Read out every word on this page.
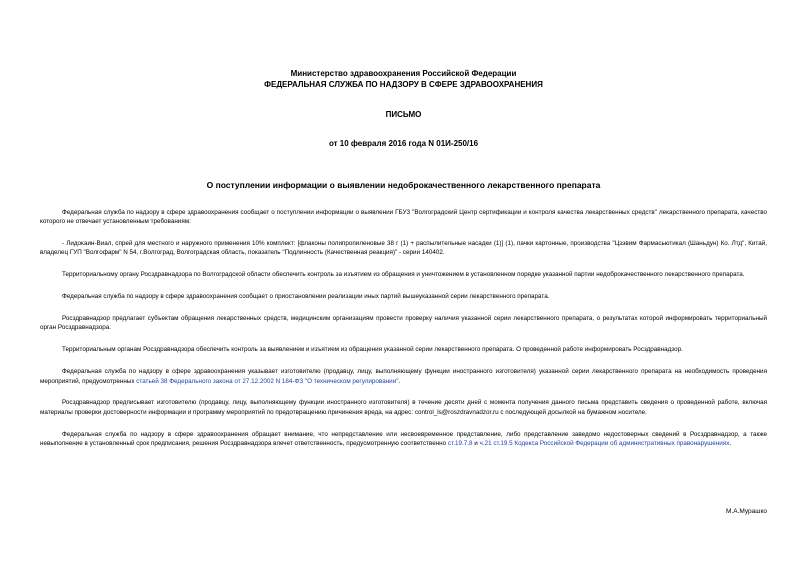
Министерство здравоохранения Российской Федерации
ФЕДЕРАЛЬНАЯ СЛУЖБА ПО НАДЗОРУ В СФЕРЕ ЗДРАВООХРАНЕНИЯ
ПИСЬМО
от 10 февраля 2016 года N 01И-250/16
О поступлении информации о выявлении недоброкачественного лекарственного препарата

Федеральная служба по надзору в сфере здравоохранения сообщает о поступлении информации о выявлении ГБУЗ "Волгоградский Центр сертификации и контроля качества лекарственных средств" лекарственного препарата, качество которого не отвечает установленным требованиям:

- Лидокаин-Виал, спрей для местного и наружного применения 10% комплект: [флаконы полипропиленовые 38 г (1) + распылительные насадки (1)] (1), пачки картонные, производства "Цзэвим Фармасьютикал (Шаньдун) Ко. Лтд", Китай, владелец ГУП "Волгофарм" N 54, г.Волгоград, Волгоградская область, показатель "Подлинность (Качественная реакция)" - серии 140402.

Территориальному органу Росздравнадзора по Волгоградской области обеспечить контроль за изъятием из обращения и уничтожением в установленном порядке указанной партии недоброкачественного лекарственного препарата.

Федеральная служба по надзору в сфере здравоохранения сообщает о приостановлении реализации иных партий вышеуказанной серии лекарственного препарата.

Росздравнадзор предлагает субъектам обращения лекарственных средств, медицинским организациям провести проверку наличия указанной серии лекарственного препарата, о результатах которой информировать территориальный орган Росздравнадзора.

Территориальным органам Росздравнадзора обеспечить контроль за выявлением и изъятием из обращения указанной серии лекарственного препарата. О проведенной работе информировать Росздравнадзор.

Федеральная служба по надзору в сфере здравоохранения указывает изготовителю (продавцу, лицу, выполняющему функции иностранного изготовителя) указанной серии лекарственного препарата на необходимость проведения мероприятий, предусмотренных статьей 38 Федерального закона от 27.12.2002 N 184-ФЗ "О техническом регулировании".

Росздравнадзор предписывает изготовителю (продавцу, лицу, выполняющему функции иностранного изготовителя) в течение десяти дней с момента получения данного письма представить сведения о проведенной работе, включая материалы проверки достоверности информации и программу мероприятий по предотвращению причинения вреда, на адрес: control_ls@roszdravnadzor.ru с последующей досылкой на бумажном носителе.

Федеральная служба по надзору в сфере здравоохранения обращает внимание, что непредставление или несвоевременное представление, либо представление заведомо недостоверных сведений в Росздравнадзор, а также невыполнение в установленный срок предписания, решения Росздравнадзора влечет ответственность, предусмотренную соответственно ст.19.7.8 и ч.21 ст.19.5 Кодекса Российской Федерации об административных правонарушениях.

М.А.Мурашко
